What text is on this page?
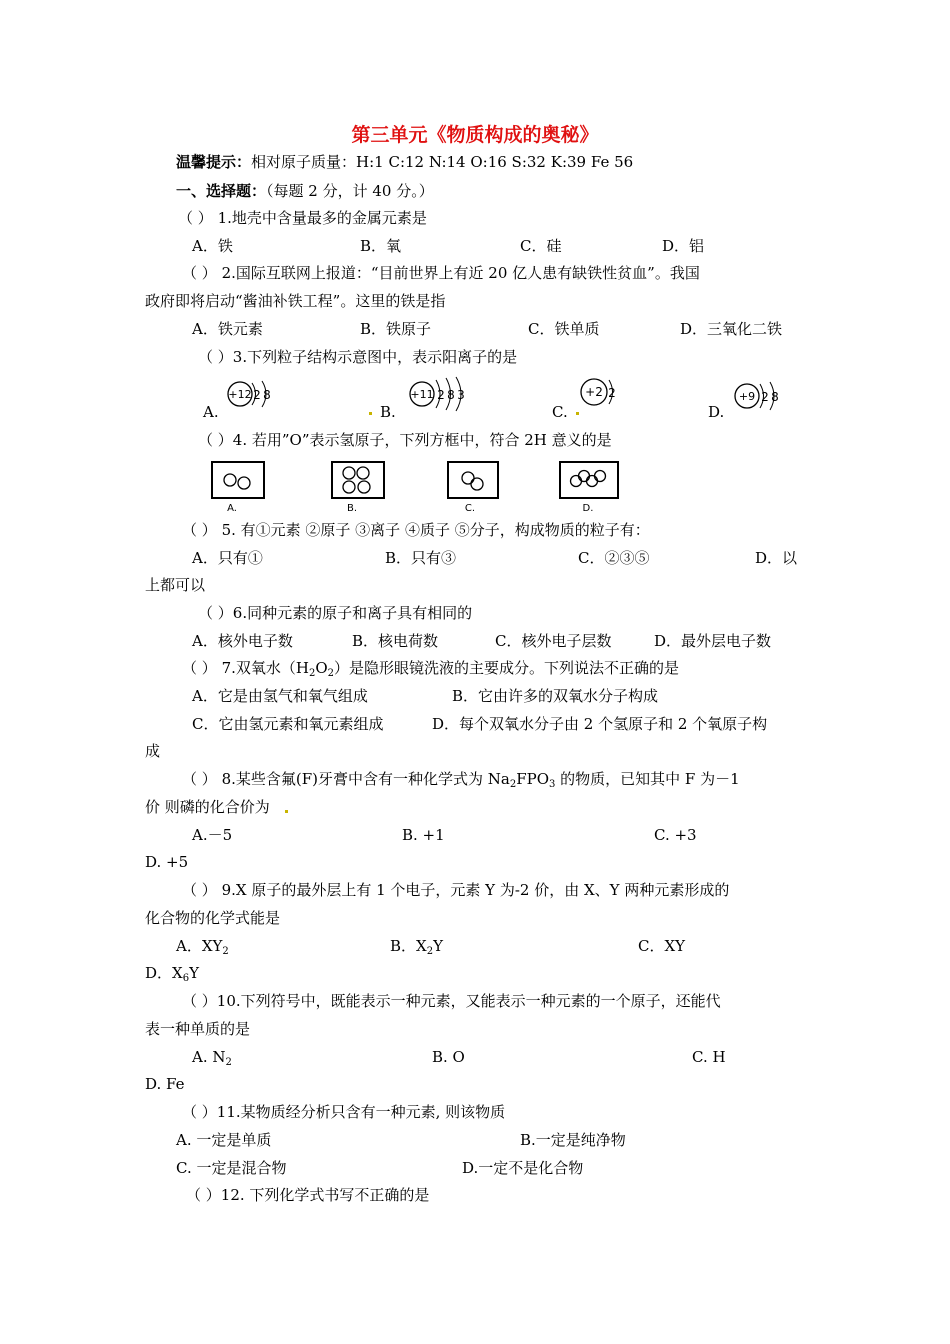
第三单元《物质构成的奥秘》
温馨提示：相对原子质量：H:1 C:12 N:14 O:16 S:32 K:39 Fe 56
一、选择题：（每题 2 分，计 40 分。）
（ ） 1.地壳中含量最多的金属元素是
A．铁	B．氧	C．硅	D．铝
（ ） 2.国际互联网上报道：“目前世界上有近 20 亿人患有缺铁性贫血”。我国
政府即将启动“酱油补铁工程”。这里的铁是指
A．铁元素	B．铁原子	C．铁单质	D．三氧化二铁
（ ）3.下列粒子结构示意图中，表示阳离子的是
A.	B.	C.	D.
+12 2 8	+11 2 8 3	+2 2	+9 2 8
（ ）4. 若用”O”表示氢原子，下列方框中，符合 2H 意义的是
A.	B.	C.	D.
（ ） 5. 有①元素 ②原子 ③离子 ④质子 ⑤分子，构成物质的粒子有：
A．只有①	B．只有③	C．②③⑤	D．以
上都可以
（ ）6.同种元素的原子和离子具有相同的
A．核外电子数	B．核电荷数	C．核外电子层数	D．最外层电子数
（ ） 7.双氧水$(H_2O_2)$是隐形眼镜洗液的主要成分。下列说法不正确的是
A．它是由氢气和氧气组成	B．它由许多的双氧水分子构成
C．它由氢元素和氧元素组成	D．每个双氧水分子由 2 个氢原子和 2 个氧原子构
成
（ ） 8.某些含氟(F)牙膏中含有一种化学式为 $Na_2FPO_3$ 的物质，已知其中 F 为－1
价 则磷的化合价为
A.－5	B. +1	C. +3
D. +5
（ ） 9.X 原子的最外层上有 1 个电子，元素 Y 为-2 价，由 X、Y 两种元素形成的
化合物的化学式能是
A．$XY_2$	B．$X_2Y$	C．XY
D．$X_6Y$
（ ）10.下列符号中，既能表示一种元素，又能表示一种元素的一个原子，还能代
表一种单质的是
A. $N_2$	B. O	C. H
D. Fe
（ ）11.某物质经分析只含有一种元素, 则该物质
A. 一定是单质	B.一定是纯净物
C. 一定是混合物	D.一定不是化合物
（ ）12. 下列化学式书写不正确的是
